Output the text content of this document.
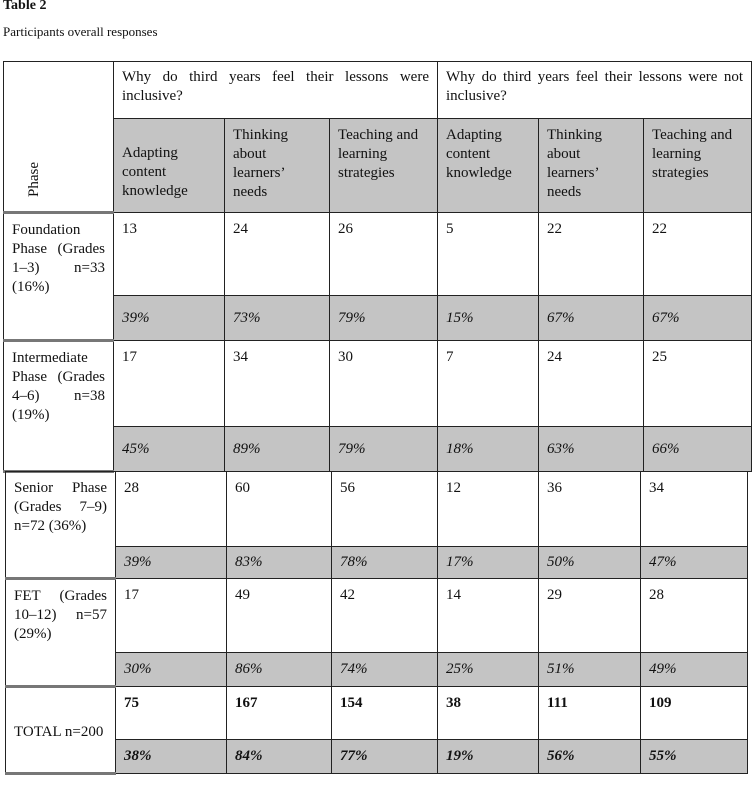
Table 2
Participants overall responses
Phase	Why do third years feel their lessons were inclusive?			Why do third years feel their lessons were not inclusive?		
	Adapting content knowledge	Thinking about learners’ needs	Teaching and learning strategies	Adapting content knowledge	Thinking about learners’ needs	Teaching and learning strategies
Foundation Phase (Grades 1–3) n=33 (16%)	13	24	26	5	22	22
	39%	73%	79%	15%	67%	67%
Intermediate Phase (Grades 4–6) n=38 (19%)	17	34	30	7	24	25
	45%	89%	79%	18%	63%	66%
Senior Phase (Grades 7–9) n=72 (36%)	28	60	56	12	36	34
	39%	83%	78%	17%	50%	47%
FET (Grades 10–12) n=57 (29%)	17	49	42	14	29	28
	30%	86%	74%	25%	51%	49%
TOTAL n=200	75	167	154	38	111	109
	38%	84%	77%	19%	56%	55%
